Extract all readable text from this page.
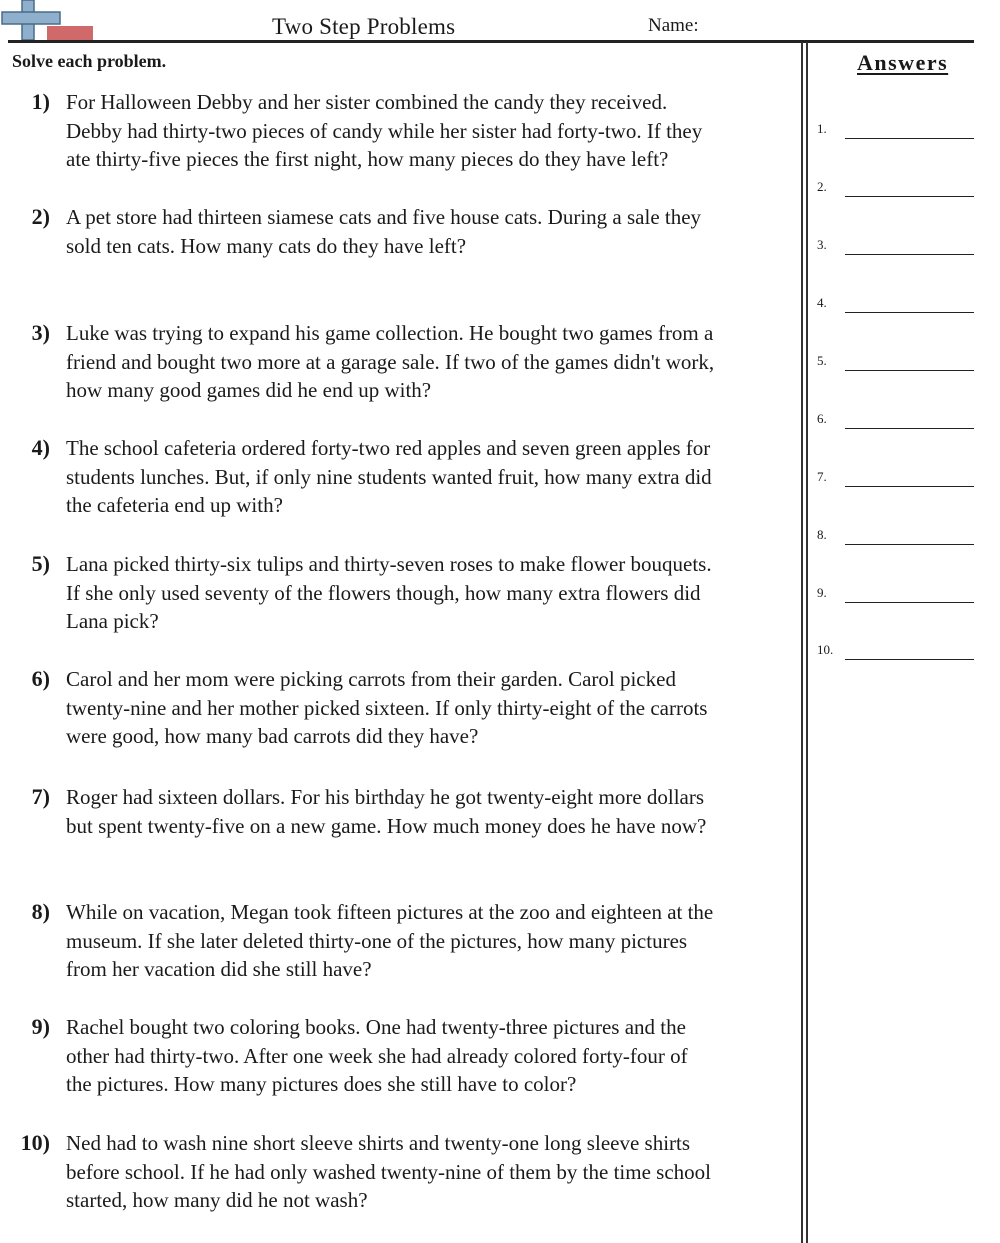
Two Step Problems	Name:
Solve each problem.	Answers
1) For Halloween Debby and her sister combined the candy they received.
Debby had thirty-two pieces of candy while her sister had forty-two. If they
ate thirty-five pieces the first night, how many pieces do they have left?
2) A pet store had thirteen siamese cats and five house cats. During a sale they
sold ten cats. How many cats do they have left?
3) Luke was trying to expand his game collection. He bought two games from a
friend and bought two more at a garage sale. If two of the games didn't work,
how many good games did he end up with?
4) The school cafeteria ordered forty-two red apples and seven green apples for
students lunches. But, if only nine students wanted fruit, how many extra did
the cafeteria end up with?
5) Lana picked thirty-six tulips and thirty-seven roses to make flower bouquets.
If she only used seventy of the flowers though, how many extra flowers did
Lana pick?
6) Carol and her mom were picking carrots from their garden. Carol picked
twenty-nine and her mother picked sixteen. If only thirty-eight of the carrots
were good, how many bad carrots did they have?
7) Roger had sixteen dollars. For his birthday he got twenty-eight more dollars
but spent twenty-five on a new game. How much money does he have now?
8) While on vacation, Megan took fifteen pictures at the zoo and eighteen at the
museum. If she later deleted thirty-one of the pictures, how many pictures
from her vacation did she still have?
9) Rachel bought two coloring books. One had twenty-three pictures and the
other had thirty-two. After one week she had already colored forty-four of
the pictures. How many pictures does she still have to color?
10) Ned had to wash nine short sleeve shirts and twenty-one long sleeve shirts
before school. If he had only washed twenty-nine of them by the time school
started, how many did he not wash?
1.
2.
3.
4.
5.
6.
7.
8.
9.
10.
